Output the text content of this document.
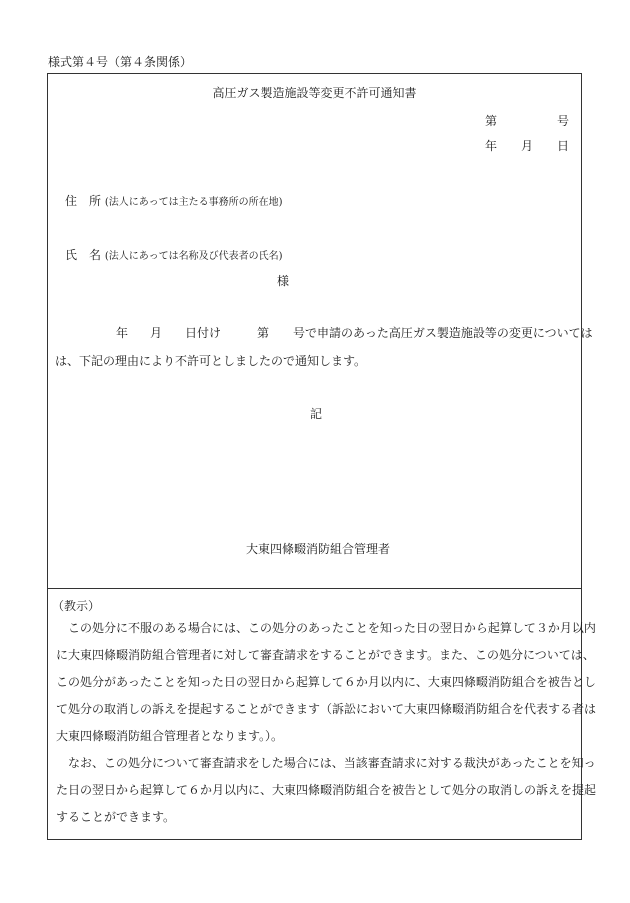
様式第４号（第４条関係）
高圧ガス製造施設等変更不許可通知書
第	号
年 月 日
住　所 (法人にあっては主たる事務所の所在地)
氏　名 (法人にあっては名称及び代表者の氏名)
様
年 月 日付け	第 号で申請のあった高圧ガス製造施設等の変更については
は、下記の理由により不許可としましたので通知します。
記
大東四條畷消防組合管理者
（教示）
この処分に不服のある場合には、この処分のあったことを知った日の翌日から起算して３か月以内
に大東四條畷消防組合管理者に対して審査請求をすることができます。また、この処分については、
この処分があったことを知った日の翌日から起算して６か月以内に、大東四條畷消防組合を被告とし
て処分の取消しの訴えを提起することができます（訴訟において大東四條畷消防組合を代表する者は
大東四條畷消防組合管理者となります。）。
なお、この処分について審査請求をした場合には、当該審査請求に対する裁決があったことを知っ
た日の翌日から起算して６か月以内に、大東四條畷消防組合を被告として処分の取消しの訴えを提起
することができます。
